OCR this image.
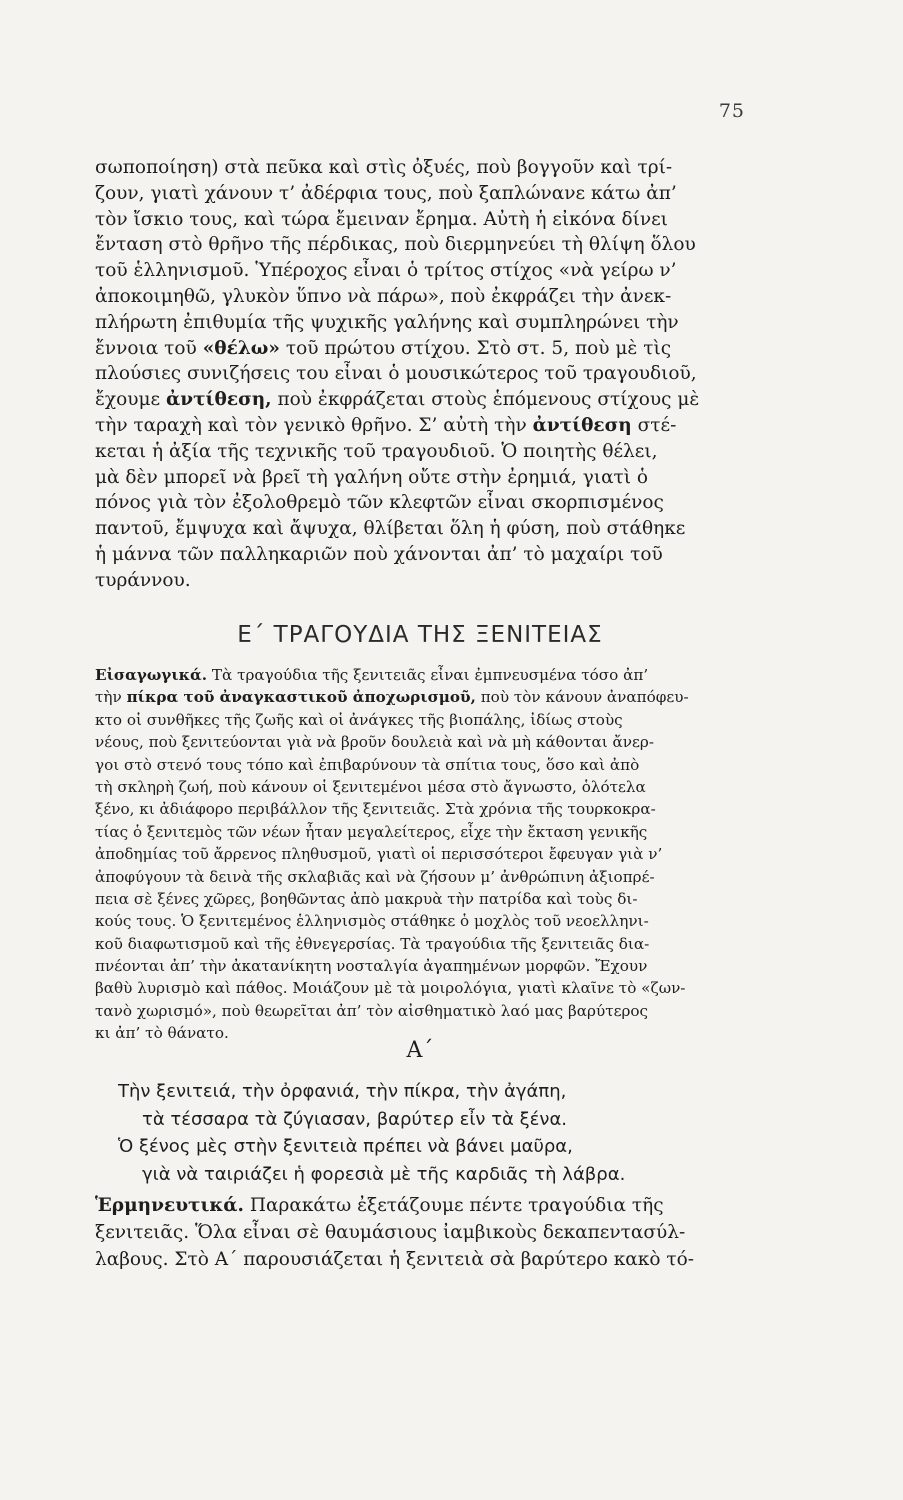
75
σωποποίηση) στὰ πεῦκα καὶ στὶς ὀξυές, ποὺ βογγοῦν καὶ τρί-
ζουν, γιατὶ χάνουν τ’ ἀδέρφια τους, ποὺ ξαπλώνανε κάτω ἀπ’
τὸν ἴσκιο τους, καὶ τώρα ἔμειναν ἔρημα. Αὐτὴ ἡ εἰκόνα δίνει
ἔνταση στὸ θρῆνο τῆς πέρδικας, ποὺ διερμηνεύει τὴ θλίψη ὅλου
τοῦ ἑλληνισμοῦ. Ὑπέροχος εἶναι ὁ τρίτος στίχος «νὰ γείρω ν’
ἀποκοιμηθῶ, γλυκὸν ὕπνο νὰ πάρω», ποὺ ἐκφράζει τὴν ἀνεκ-
πλήρωτη ἐπιθυμία τῆς ψυχικῆς γαλήνης καὶ συμπληρώνει τὴν
ἔννοια τοῦ «θέλω» τοῦ πρώτου στίχου. Στὸ στ. 5, ποὺ μὲ τὶς
πλούσιες συνιζήσεις του εἶναι ὁ μουσικώτερος τοῦ τραγουδιοῦ,
ἔχουμε ἀντίθεση, ποὺ ἐκφράζεται στοὺς ἑπόμενους στίχους μὲ
τὴν ταραχὴ καὶ τὸν γενικὸ θρῆνο. Σ’ αὐτὴ τὴν ἀντίθεση στέ-
κεται ἡ ἀξία τῆς τεχνικῆς τοῦ τραγουδιοῦ. Ὁ ποιητὴς θέλει,
μὰ δὲν μπορεῖ νὰ βρεῖ τὴ γαλήνη οὔτε στὴν ἐρημιά, γιατὶ ὁ
πόνος γιὰ τὸν ἐξολοθρεμὸ τῶν κλεφτῶν εἶναι σκορπισμένος
παντοῦ, ἔμψυχα καὶ ἄψυχα, θλίβεται ὅλη ἡ φύση, ποὺ στάθηκε
ἡ μάννα τῶν παλληκαριῶν ποὺ χάνονται ἀπ’ τὸ μαχαίρι τοῦ
τυράννου.
Ε΄ ΤΡΑΓΟΥΔΙΑ ΤΗΣ ΞΕΝΙΤΕΙΑΣ
Εἰσαγωγικά. Τὰ τραγούδια τῆς ξενιτειᾶς εἶναι ἐμπνευσμένα τόσο ἀπ’
τὴν πίκρα τοῦ ἀναγκαστικοῦ ἀποχωρισμοῦ, ποὺ τὸν κάνουν ἀναπόφευ-
κτο οἱ συνθῆκες τῆς ζωῆς καὶ οἱ ἀνάγκες τῆς βιοπάλης, ἰδίως στοὺς
νέους, ποὺ ξενιτεύονται γιὰ νὰ βροῦν δουλειὰ καὶ νὰ μὴ κάθονται ἄνερ-
γοι στὸ στενό τους τόπο καὶ ἐπιβαρύνουν τὰ σπίτια τους, ὅσο καὶ ἀπὸ
τὴ σκληρὴ ζωή, ποὺ κάνουν οἱ ξενιτεμένοι μέσα στὸ ἄγνωστο, ὁλότελα
ξένο, κι ἀδιάφορο περιβάλλον τῆς ξενιτειᾶς. Στὰ χρόνια τῆς τουρκοκρα-
τίας ὁ ξενιτεμὸς τῶν νέων ἦταν μεγαλείτερος, εἶχε τὴν ἔκταση γενικῆς
ἀποδημίας τοῦ ἄρρενος πληθυσμοῦ, γιατὶ οἱ περισσότεροι ἔφευγαν γιὰ ν’
ἀποφύγουν τὰ δεινὰ τῆς σκλαβιᾶς καὶ νὰ ζήσουν μ’ ἀνθρώπινη ἀξιοπρέ-
πεια σὲ ξένες χῶρες, βοηθῶντας ἀπὸ μακρυὰ τὴν πατρίδα καὶ τοὺς δι-
κούς τους. Ὁ ξενιτεμένος ἑλληνισμὸς στάθηκε ὁ μοχλὸς τοῦ νεοελληνι-
κοῦ διαφωτισμοῦ καὶ τῆς ἐθνεγερσίας. Τὰ τραγούδια τῆς ξενιτειᾶς δια-
πνέονται ἀπ’ τὴν ἀκατανίκητη νοσταλγία ἀγαπημένων μορφῶν. Ἔχουν
βαθὺ λυρισμὸ καὶ πάθος. Μοιάζουν μὲ τὰ μοιρολόγια, γιατὶ κλαῖνε τὸ «ζων-
τανὸ χωρισμό», ποὺ θεωρεῖται ἀπ’ τὸν αἰσθηματικὸ λαό μας βαρύτερος
κι ἀπ’ τὸ θάνατο.
Α΄
Τὴν ξενιτειά, τὴν ὀρφανιά, τὴν πίκρα, τὴν ἀγάπη,
τὰ τέσσαρα τὰ ζύγιασαν, βαρύτερ εἶν τὰ ξένα.
Ὁ ξένος μὲς στὴν ξενιτειὰ πρέπει νὰ βάνει μαῦρα,
γιὰ νὰ ταιριάζει ἡ φορεσιὰ μὲ τῆς καρδιᾶς τὴ λάβρα.
Ἑρμηνευτικά. Παρακάτω ἐξετάζουμε πέντε τραγούδια τῆς
ξενιτειᾶς. Ὅλα εἶναι σὲ θαυμάσιους ἰαμβικοὺς δεκαπεντασύλ-
λαβους. Στὸ Α΄ παρουσιάζεται ἡ ξενιτειὰ σὰ βαρύτερο κακὸ τό-
